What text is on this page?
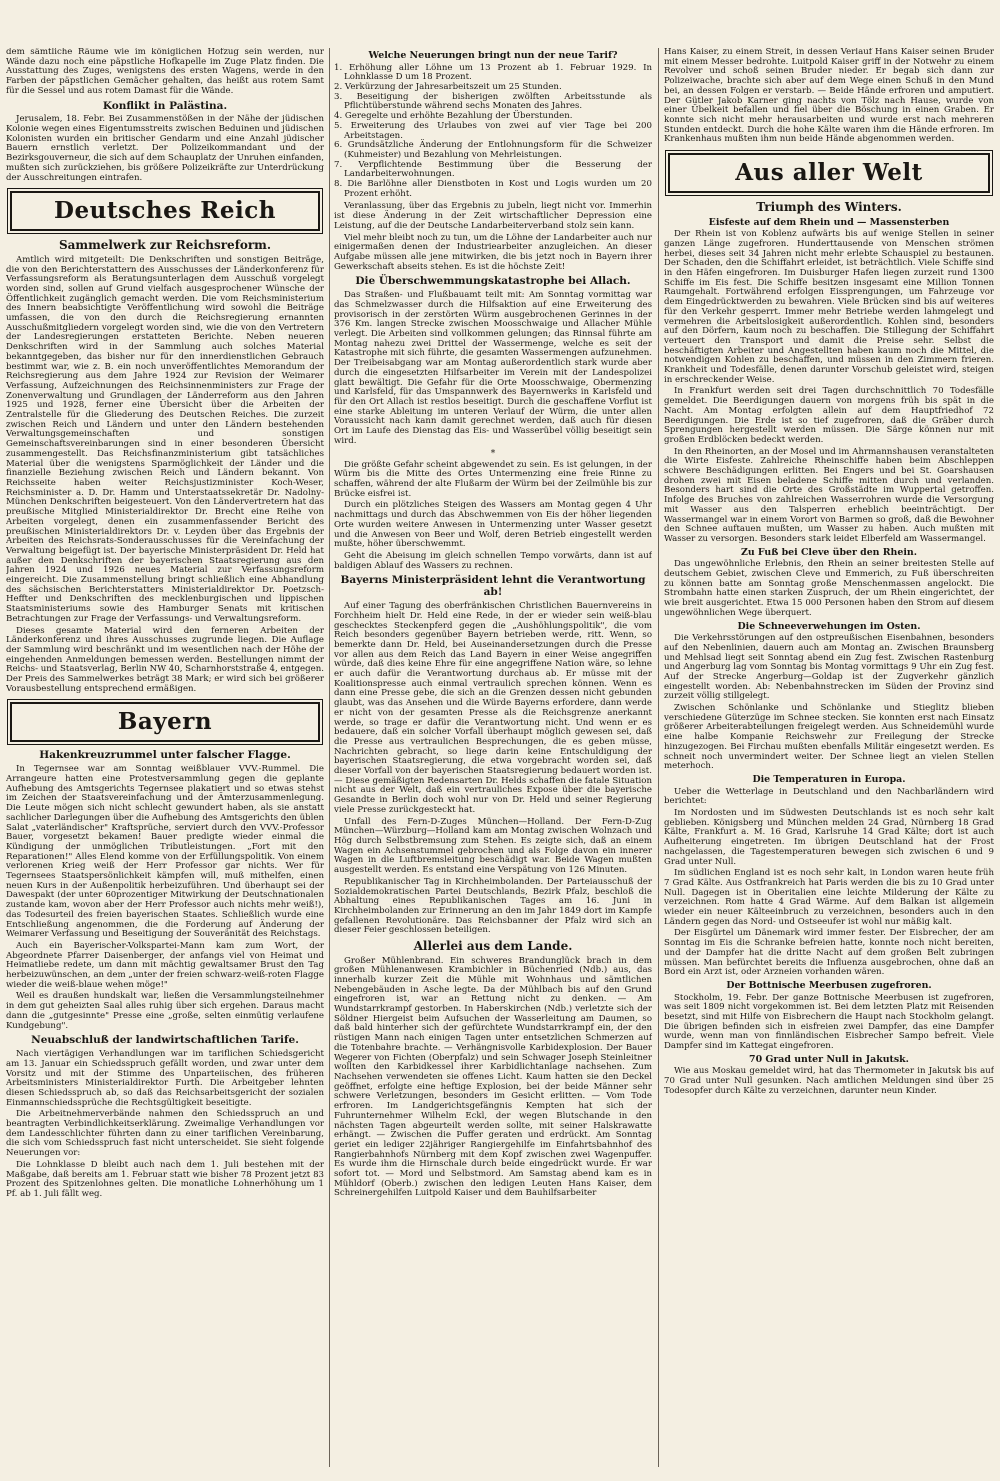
dem sämtliche Räume wie im königlichen Hofzug sein werden, nur Wände dazu noch eine päpstliche Hofkapelle im Zuge Platz finden. Die Ausstattung des Zuges, wenigstens des ersten Wagens, werde in den Farben der päpstlichen Gemächer gehalten, das heißt aus rotem Samt für die Sessel und aus rotem Damast für die Wände.

Konflikt in Palästina.

Jerusalem, 18. Febr. Bei Zusammenstößen in der Nähe der jüdischen Kolonie wegen eines Eigentumsstreits zwischen Beduinen und jüdischen Kolonisten wurden ein britischer Gendarm und eine Anzahl jüdischer Bauern ernstlich verletzt. Der Polizeikommandant und der Bezirksgouverneur, die sich auf dem Schauplatz der Unruhen einfanden, mußten sich zurückziehen, bis größere Polizeikräfte zur Unterdrückung der Ausschreitungen eintrafen.

Deutsches Reich
Sammelwerk zur Reichsreform.

Amtlich wird mitgeteilt: Die Denkschriften und sonstigen Beiträge, die von den Berichterstattern des Ausschusses der Länderkonferenz für Verfassungsreform als Beratungsunterlagen dem Ausschuß vorgelegt worden sind, sollen auf Grund vielfach ausgesprochener Wünsche der Öffentlichkeit zugänglich gemacht werden. Die vom Reichsministerium des Innern beabsichtigte Veröffentlichung wird sowohl die Beiträge umfassen, die von den durch die Reichsregierung ernannten Ausschußmitgliedern vorgelegt worden sind, wie die von den Vertretern der Landesregierungen erstatteten Berichte. Neben neueren Denkschriften wird in der Sammlung auch solches Material bekanntgegeben, das bisher nur für den innerdienstlichen Gebrauch bestimmt war, wie z. B. ein noch unveröffentlichtes Memorandum der Reichsregierung aus dem Jahre 1924 zur Revision der Weimarer Verfassung, Aufzeichnungen des Reichsinnenministers zur Frage der Zonenverwaltung und Grundlagen der Länderreform aus den Jahren 1925 und 1928, ferner eine Übersicht über die Arbeiten der Zentralstelle für die Gliederung des Deutschen Reiches. Die zurzeit zwischen Reich und Ländern und unter den Ländern bestehenden Verwaltungsgemeinschaften und sonstigen Gemeinschaftsvereinbarungen sind in einer besonderen Übersicht zusammengestellt. Das Reichsfinanzministerium gibt tatsächliches Material über die wenigstens Sparmöglichkeit der Länder und die finanzielle Beziehung zwischen Reich und Ländern bekannt. Von Reichsseite haben weiter Reichsjustizminister Koch-Weser, Reichsminister a. D. Dr. Hamm und Unterstaatssekretär Dr. Nadolny-München Denkschriften beigesteuert. Von den Ländervertretern hat das preußische Mitglied Ministerialdirektor Dr. Brecht eine Reihe von Arbeiten vorgelegt, denen ein zusammenfassender Bericht des preußischen Ministerialdirektors Dr. v. Leyden über das Ergebnis der Arbeiten des Reichsrats-Sonderausschusses für die Vereinfachung der Verwaltung beigefügt ist. Der bayerische Ministerpräsident Dr. Held hat außer den Denkschriften der bayerischen Staatsregierung aus den Jahren 1924 und 1926 neues Material zur Verfassungsreform eingereicht. Die Zusammenstellung bringt schließlich eine Abhandlung des sächsischen Berichterstatters Ministerialdirektor Dr. Poetzsch-Heffter und Denkschriften des mecklenburgischen und lippischen Staatsministeriums sowie des Hamburger Senats mit kritischen Betrachtungen zur Frage der Verfassungs- und Verwaltungsreform.

Dieses gesamte Material wird den ferneren Arbeiten der Länderkonferenz und ihres Ausschusses zugrunde liegen. Die Auflage der Sammlung wird beschränkt und im wesentlichen nach der Höhe der eingehenden Anmeldungen bemessen werden. Bestellungen nimmt der Reichs- und Staatsverlag, Berlin NW 40, Scharnhorststraße 4, entgegen. Der Preis des Sammelwerkes beträgt 38 Mark; er wird sich bei größerer Vorausbestellung entsprechend ermäßigen.

Bayern
Hakenkreuzrummel unter falscher Flagge.

In Tegernsee war am Sonntag weißblauer VVV.-Rummel. Die Arrangeure hatten eine Protestversammlung gegen die geplante Aufhebung des Amtsgerichts Tegernsee plakatiert und so etwas stehst im Zeichen der Staatsvereinfachung und der Ämterzusammenlegung. Die Leute mögen sich nicht schlecht gewundert haben, als sie anstatt sachlicher Darlegungen über die Aufhebung des Amtsgerichts den üblen Salat „vaterländischer" Kraftsprüche, serviert durch den VVV.-Professor Bauer, vorgesetzt bekamen! Bauer predigte wieder einmal die Kündigung der unmöglichen Tributleistungen. „Fort mit den Reparationen!" Alles Elend komme von der Erfüllungspolitik. Von einem verlorenen Krieg weiß der Herr Professor gar nichts. Wer für Tegernsees Staatspersönlichkeit kämpfen will, muß mithelfen, einen neuen Kurs in der Außenpolitik herbeizuführen. Und überhaupt sei der Dawespakt (der unter 60prozentiger Mitwirkung der Deutschnationalen zustande kam, wovon aber der Herr Professor auch nichts mehr weiß!), das Todesurteil des freien bayerischen Staates. Schließlich wurde eine Entschließung angenommen, die die Forderung auf Änderung der Weimarer Verfassung und Beseitigung der Souveränität des Reichstags.

Auch ein Bayerischer-Volkspartei-Mann kam zum Wort, der Abgeordnete Pfarrer Daisenberger, der anfangs viel von Heimat und Heimatliebe redete, um dann mit mächtig gewaltsamer Brust den Tag herbeizuwünschen, an dem „unter der freien schwarz-weiß-roten Flagge wieder die weiß-blaue wehen möge!"

Weil es draußen hundskalt war, ließen die Versammlungsteilnehmer in dem gut geheizten Saal alles ruhig über sich ergehen. Daraus macht dann die „gutgesinnte" Presse eine „große, selten einmütig verlaufene Kundgebung".

Neuabschluß der landwirtschaftlichen Tarife.

Nach viertägigen Verhandlungen war im tariflichen Schiedsgericht am 13. Januar ein Schiedsspruch gefällt worden, und zwar unter dem Vorsitz und mit der Stimme des Unparteiischen, des früheren Arbeitsministers Ministerialdirektor Furth. Die Arbeitgeber lehnten diesen Schiedsspruch ab, so daß das Reichsarbeitsgericht der sozialen Einmannschiedssprüche die Rechtsgültigkeit beseitigte.

Die Arbeitnehmerverbände nahmen den Schiedsspruch an und beantragten Verbindlichkeitserklärung. Zweimalige Verhandlungen vor dem Landesschlichter führten dann zu einer tariflichen Vereinbarung, die sich vom Schiedsspruch fast nicht unterscheidet. Sie sieht folgende Neuerungen vor:

Die Lohnklasse D bleibt auch nach dem 1. Juli bestehen mit der Maßgabe, daß bereits am 1. Februar statt wie bisher 78 Prozent jetzt 83 Prozent des Spitzenlohnes gelten. Die monatliche Lohnerhöhung um 1 Pf. ab 1. Juli fällt weg.

Welche Neuerungen bringt nun der neue Tarif?
1. Erhöhung aller Löhne um 13 Prozent ab 1. Februar 1929. In Lohnklasse D um 18 Prozent.
2. Verkürzung der Jahresarbeitszeit um 25 Stunden.
3. Beseitigung der bisherigen zwölften Arbeitsstunde als Pflichtüberstunde während sechs Monaten des Jahres.
4. Geregelte und erhöhte Bezahlung der Überstunden.
5. Erweiterung des Urlaubes von zwei auf vier Tage bei 200 Arbeitstagen.
6. Grundsätzliche Änderung der Entlohnungsform für die Schweizer (Kuhmeister) und Bezahlung von Mehrleistungen.
7. Verpflichtende Bestimmung über die Besserung der Landarbeiterwohnungen.
8. Die Barlöhne aller Dienstboten in Kost und Logis wurden um 20 Prozent erhöht.

Veranlassung, über das Ergebnis zu jubeln, liegt nicht vor. Immerhin ist diese Änderung in der Zeit wirtschaftlicher Depression eine Leistung, auf die der Deutsche Landarbeiterverband stolz sein kann.

Viel mehr bleibt noch zu tun, um die Löhne der Landarbeiter auch nur einigermaßen denen der Industriearbeiter anzugleichen. An dieser Aufgabe müssen alle jene mitwirken, die bis jetzt noch in Bayern ihrer Gewerkschaft abseits stehen. Es ist die höchste Zeit!

Die Überschwemmungskatastrophe bei Allach.

Das Straßen- und Flußbauamt teilt mit: Am Sonntag vormittag war das Schmelzwasser durch die Hilfsaktion auf eine Erweiterung des provisorisch in der zerstörten Würm ausgebrochenen Gerinnes in der 376 Km. langen Strecke zwischen Moosschwaige und Allacher Mühle verlegt. Die Arbeiten sind vollkommen gelungen; das Rinnsal führte am Montag nahezu zwei Drittel der Wassermenge, welche es seit der Katastrophe mit sich führte, die gesamten Wassermengen aufzunehmen. Der Treibeisabgang war am Montag außerordentlich stark wurde aber durch die eingesetzten Hilfsarbeiter im Verein mit der Landespolizei glatt bewältigt. Die Gefahr für die Orte Moosschwaige, Obermenzing und Karlsfeld, für das Umspannwerk des Bayernwerks in Karlsfeld und für den Ort Allach ist restlos beseitigt. Durch die geschaffene Vorflut ist eine starke Ableitung im unteren Verlauf der Würm, die unter allen Voraussicht nach kann damit gerechnet werden, daß auch für diesen Ort im Laufe des Dienstag das Eis- und Wasserübel völlig beseitigt sein wird.

*

Die größte Gefahr scheint abgewendet zu sein. Es ist gelungen, in der Würm bis die Mitte des Ortes Untermenzing eine freie Rinne zu schaffen, während der alte Flußarm der Würm bei der Zeilmühle bis zur Brücke eisfrei ist.

Durch ein plötzliches Steigen des Wassers am Montag gegen 4 Uhr nachmittags und durch das Abschwemmen von Eis der höher liegenden Orte wurden weitere Anwesen in Untermenzing unter Wasser gesetzt und die Anwesen von Beer und Wolf, deren Betrieb eingestellt werden mußte, höher überschwemmt.

Geht die Abeisung im gleich schnellen Tempo vorwärts, dann ist auf baldigen Ablauf des Wassers zu rechnen.

Bayerns Ministerpräsident lehnt die Verantwortung ab!

Auf einer Tagung des oberfränkischen Christlichen Bauernvereins in Forchheim hielt Dr. Held eine Rede, in der er wieder sein weiß-blau geschecktes Steckenpferd gegen die „Aushöhlungspolitik", die vom Reich besonders gegenüber Bayern betrieben werde, ritt. Wenn, so bemerkte dann Dr. Held, bei Auseinandersetzungen durch die Presse vor allen aus dem Reich das Land Bayern in einer Weise angegriffen würde, daß dies keine Ehre für eine angegriffene Nation wäre, so lehne er auch dafür die Verantwortung durchaus ab. Er müsse mit der Koalitionspresse auch einmal vertraulich sprechen können. Wenn es dann eine Presse gebe, die sich an die Grenzen dessen nicht gebunden glaubt, was das Ansehen und die Würde Bayerns erfordere, dann werde er nicht von der gesamten Presse als die Reichsgrenze anerkannt werde, so trage er dafür die Verantwortung nicht. Und wenn er es bedauere, daß ein solcher Vorfall überhaupt möglich gewesen sei, daß die Presse aus vertraulichen Besprechungen, die es geben müsse, Nachrichten gebracht, so liege darin keine Entschuldigung der bayerischen Staatsregierung, die etwa vorgebracht worden sei, daß dieser Vorfall von der bayerischen Staatsregierung bedauert worden ist. — Diese gemäßigten Redensarten Dr. Helds schaffen die fatale Situation nicht aus der Welt, daß ein vertrauliches Expose über die bayerische Gesandte in Berlin doch wohl nur von Dr. Held und seiner Regierung viele Presse zurückgesteckt hat.

Unfall des Fern-D-Zuges München—Holland. Der Fern-D-Zug München—Würzburg—Holland kam am Montag zwischen Wolnzach und Hög durch Selbstbremsung zum Stehen. Es zeigte sich, daß an einem Wagen ein Achsenstummel gebrochen und als Folge davon ein innerer Wagen in die Luftbremsleitung beschädigt war. Beide Wagen mußten ausgestellt werden. Es entstand eine Verspätung von 126 Minuten.

Republikanischer Tag in Kirchheimbolanden. Der Parteiausschuß der Sozialdemokratischen Partei Deutschlands, Bezirk Pfalz, beschloß die Abhaltung eines Republikanischen Tages am 16. Juni in Kirchheimbolanden zur Erinnerung an den im Jahr 1849 dort im Kampfe gefallenen Revolutionäre. Das Reichsbanner der Pfalz wird sich an dieser Feier geschlossen beteiligen.

Allerlei aus dem Lande.

Großer Mühlenbrand. Ein schweres Brandunglück brach in dem großen Mühlenanwesen Krambichler in Büchenried (Ndb.) aus, das innerhalb kurzer Zeit die Mühle mit Wohnhaus und sämtlichen Nebengebäuden in Asche legte. Da der Mühlbach bis auf den Grund eingefroren ist, war an Rettung nicht zu denken. — Am Wundstarrkrampf gestorben. In Haberskirchen (Ndb.) verletzte sich der Söldner Hiergeist beim Aufsuchen der Wasserleitung am Daumen, so daß bald hinterher sich der gefürchtete Wundstarrkrampf ein, der den rüstigen Mann nach einigen Tagen unter entsetzlichen Schmerzen auf die Totenbahre brachte. — Verhängnisvolle Karbidexplosion. Der Bauer Wegerer von Fichten (Oberpfalz) und sein Schwager Joseph Steinleitner wollten den Karbidkessel ihrer Karbidlichtanlage nachsehen. Zum Nachsehen verwendeten sie offenes Licht. Kaum hatten sie den Deckel geöffnet, erfolgte eine heftige Explosion, bei der beide Männer sehr schwere Verletzungen, besonders im Gesicht erlitten. — Vom Tode erfroren. Im Landgerichtsgefängnis Kempten hat sich der Fuhrunternehmer Wilhelm Eckl, der wegen Blutschande in den nächsten Tagen abgeurteilt werden sollte, mit seiner Halskrawatte erhängt. — Zwischen die Puffer geraten und erdrückt. Am Sonntag geriet ein lediger 22jähriger Rangiergehilfe im Einfahrtsbahnhof des Rangierbahnhofs Nürnberg mit dem Kopf zwischen zwei Wagenpuffer. Es wurde ihm die Hirnschale durch beide eingedrückt wurde. Er war sofort tot. — Mord und Selbstmord. Am Samstag abend kam es in Mühldorf (Oberb.) zwischen den ledigen Leuten Hans Kaiser, dem Schreinergehilfen Luitpold Kaiser und dem Bauhilfsarbeiter

Hans Kaiser, zu einem Streit, in dessen Verlauf Hans Kaiser seinen Bruder mit einem Messer bedrohte. Luitpold Kaiser griff in der Notwehr zu einem Revolver und schoß seinen Bruder nieder. Er begab sich dann zur Polizeiwache, brachte sich aber auf dem Wege einen Schuß in den Mund bei, an dessen Folgen er verstarb. — Beide Hände erfroren und amputiert. Der Gütler Jakob Karner ging nachts von Tölz nach Hause, wurde von einer Übelkeit befallen und fiel über die Böschung in einen Graben. Er konnte sich nicht mehr herausarbeiten und wurde erst nach mehreren Stunden entdeckt. Durch die hohe Kälte waren ihm die Hände erfroren. Im Krankenhaus mußten ihm nun beide Hände abgenommen werden.

Aus aller Welt
Triumph des Winters.
Eisfeste auf dem Rhein und — Massensterben

Der Rhein ist von Koblenz aufwärts bis auf wenige Stellen in seiner ganzen Länge zugefroren. Hunderttausende von Menschen strömen herbei, dieses seit 34 Jahren nicht mehr erlebte Schauspiel zu bestaunen. Der Schaden, den die Schiffahrt erleidet, ist beträchtlich. Viele Schiffe sind in den Häfen eingefroren. Im Duisburger Hafen liegen zurzeit rund 1300 Schiffe im Eis fest. Die Schiffe besitzen insgesamt eine Million Tonnen Raumgehalt. Fortwährend erfolgen Eissprengungen, um Fahrzeuge vor dem Eingedrücktwerden zu bewahren. Viele Brücken sind bis auf weiteres für den Verkehr gesperrt. Immer mehr Betriebe werden lahmgelegt und vermehren die Arbeitslosigkeit außerordentlich. Kohlen sind, besonders auf den Dörfern, kaum noch zu beschaffen. Die Stillegung der Schiffahrt verteuert den Transport und damit die Preise sehr. Selbst die beschäftigten Arbeiter und Angestellten haben kaum noch die Mittel, die notwendigen Kohlen zu beschaffen, und müssen in den Zimmern frieren. Krankheit und Todesfälle, denen darunter Vorschub geleistet wird, steigen in erschreckender Weise.

In Frankfurt werden seit drei Tagen durchschnittlich 70 Todesfälle gemeldet. Die Beerdigungen dauern von morgens früh bis spät in die Nacht. Am Montag erfolgten allein auf dem Hauptfriedhof 72 Beerdigungen. Die Erde ist so tief zugefroren, daß die Gräber durch Sprengungen hergestellt werden müssen. Die Särge können nur mit großen Erdblöcken bedeckt werden.

In den Rheinorten, an der Mosel und im Ahrmannshausen veranstalteten die Wirte Eisfeste. Zahlreiche Rheinschiffe haben beim Abschleppen schwere Beschädigungen erlitten. Bei Engers und bei St. Goarshausen drohen zwei mit Eisen beladene Schiffe mitten durch und verlanden. Besonders hart sind die Orte des Großstädte im Wuppertal getroffen. Infolge des Bruches von zahlreichen Wasserrohren wurde die Versorgung mit Wasser aus den Talsperren erheblich beeinträchtigt. Der Wassermangel war in einem Vorort von Barmen so groß, daß die Bewohner den Schnee auftauen mußten, um Wasser zu haben. Auch mußten mit Wasser zu versorgen. Besonders stark leidet Elberfeld am Wassermangel.

Zu Fuß bei Cleve über den Rhein.

Das ungewöhnliche Erlebnis, den Rhein an seiner breitesten Stelle auf deutschem Gebiet, zwischen Cleve und Emmerich, zu Fuß überschreiten zu können batte am Sonntag große Menschenmassen angelockt. Die Strombahn hatte einen starken Zuspruch, der um Rhein eingerichtet, der wie breit ausgerichtet. Etwa 15 000 Personen haben den Strom auf diesem ungewöhnlichen Wege überquert.

Die Schneeverwehungen im Osten.

Die Verkehrsstörungen auf den ostpreußischen Eisenbahnen, besonders auf den Nebenlinien, dauern auch am Montag an. Zwischen Braunsberg und Mehlsad liegt seit Sonntag abend ein Zug fest. Zwischen Rastenburg und Angerburg lag vom Sonntag bis Montag vormittags 9 Uhr ein Zug fest. Auf der Strecke Angerburg—Goldap ist der Zugverkehr gänzlich eingestellt worden. Ab: Nebenbahnstrecken im Süden der Provinz sind zurzeit völlig stillgelegt.

Zwischen Schönlanke und Schönlanke und Stieglitz blieben verschiedene Güterzüge im Schnee stecken. Sie konnten erst nach Einsatz größerer Arbeiterabteilungen freigelegt werden. Aus Schneidemühl wurde eine halbe Kompanie Reichswehr zur Freilegung der Strecke hinzugezogen. Bei Firchau mußten ebenfalls Militär eingesetzt werden. Es schneit noch unvermindert weiter. Der Schnee liegt an vielen Stellen meterhoch.

Die Temperaturen in Europa.

Ueber die Wetterlage in Deutschland und den Nachbarländern wird berichtet:

Im Nordosten und im Südwesten Deutschlands ist es noch sehr kalt geblieben. Königsberg und München melden 24 Grad, Nürnberg 18 Grad Kälte, Frankfurt a. M. 16 Grad, Karlsruhe 14 Grad Kälte; dort ist auch Aufheiterung eingetreten. Im übrigen Deutschland hat der Frost nachgelassen, die Tagestemperaturen bewegen sich zwischen 6 und 9 Grad unter Null.

Im südlichen England ist es noch sehr kalt, in London waren heute früh 7 Grad Kälte. Aus Ostfrankreich hat Paris werden die bis zu 10 Grad unter Null. Dagegen ist in Oberitalien eine leichte Milderung der Kälte zu verzeichnen. Rom hatte 4 Grad Wärme. Auf dem Balkan ist allgemein wieder ein neuer Kälteeinbruch zu verzeichnen, besonders auch in den Ländern gegen das Nord- und Ostseeufer ist wohl nur mäßig kalt.

Der Eisgürtel um Dänemark wird immer fester. Der Eisbrecher, der am Sonntag im Eis die Schranke befreien hatte, konnte noch nicht bereiten, und der Dampfer hat die dritte Nacht auf dem großen Belt zubringen müssen. Man befürchtet bereits die Influenza ausgebrochen, ohne daß an Bord ein Arzt ist, oder Arzneien vorhanden wären.

Der Bottnische Meerbusen zugefroren.

Stockholm, 19. Febr. Der ganze Bottnische Meerbusen ist zugefroren, was seit 1809 nicht vorgekommen ist. Bei dem letzten Platz mit Reisenden besetzt, sind mit Hilfe von Eisbrechern die Haupt nach Stockholm gelangt. Die übrigen befinden sich in eisfreien zwei Dampfer, das eine Dampfer wurde, wenn man von finnländischen Eisbrecher Sampo befreit. Viele Dampfer sind im Kattegat eingefroren.

70 Grad unter Null in Jakutsk.

Wie aus Moskau gemeldet wird, hat das Thermometer in Jakutsk bis auf 70 Grad unter Null gesunken. Nach amtlichen Meldungen sind über 25 Todesopfer durch Kälte zu verzeichnen, darunter neun Kinder.
